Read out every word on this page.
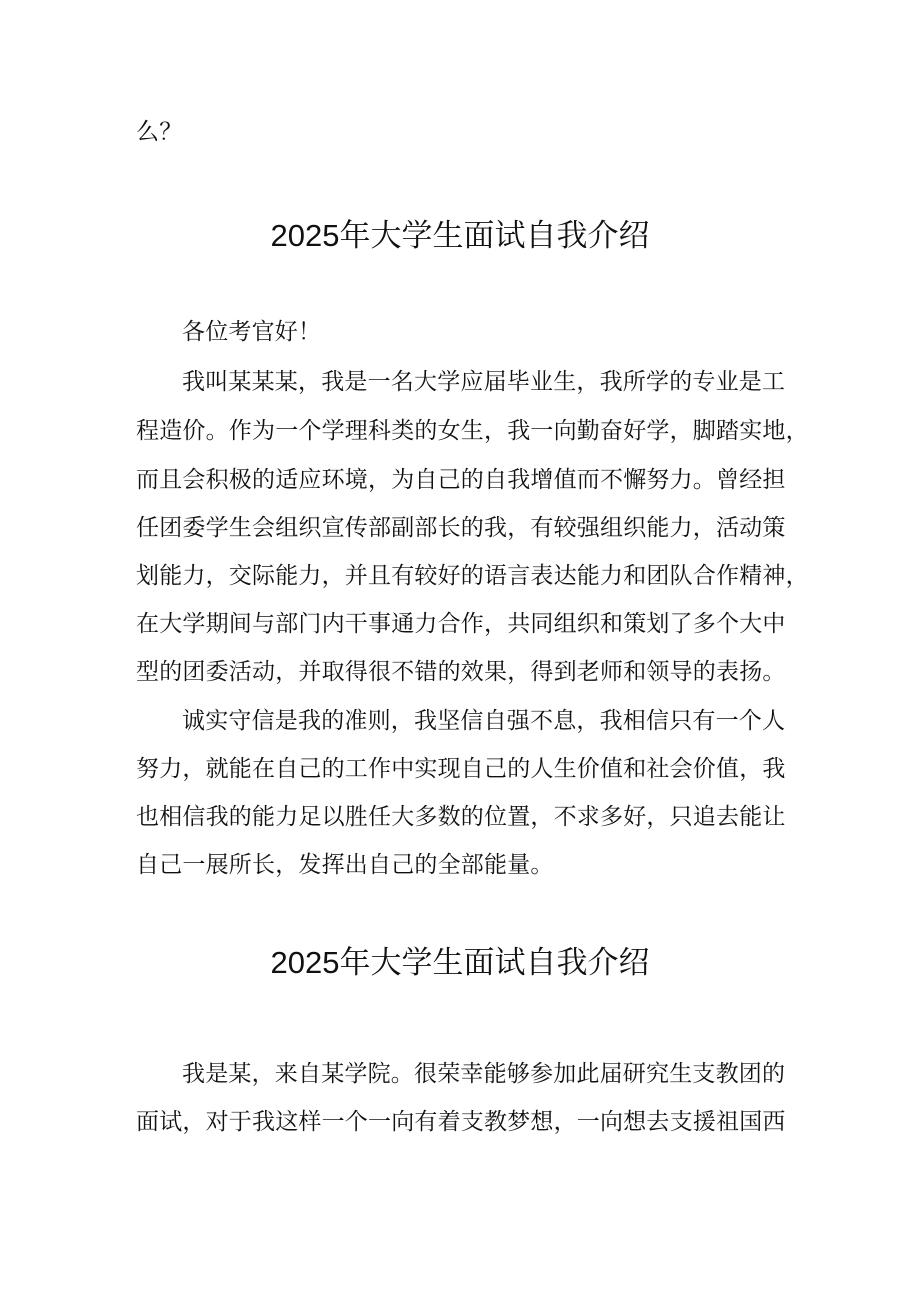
么？
2025年大学生面试自我介绍
各位考官好！
我叫某某某，我是一名大学应届毕业生，我所学的专业是工
程造价。作为一个学理科类的女生，我一向勤奋好学，脚踏实地，
而且会积极的适应环境，为自己的自我增值而不懈努力。曾经担
任团委学生会组织宣传部副部长的我，有较强组织能力，活动策
划能力，交际能力，并且有较好的语言表达能力和团队合作精神，
在大学期间与部门内干事通力合作，共同组织和策划了多个大中
型的团委活动，并取得很不错的效果，得到老师和领导的表扬。
诚实守信是我的准则，我坚信自强不息，我相信只有一个人
努力，就能在自己的工作中实现自己的人生价值和社会价值，我
也相信我的能力足以胜任大多数的位置，不求多好，只追去能让
自己一展所长，发挥出自己的全部能量。
2025年大学生面试自我介绍
我是某，来自某学院。很荣幸能够参加此届研究生支教团的
面试，对于我这样一个一向有着支教梦想，一向想去支援祖国西
